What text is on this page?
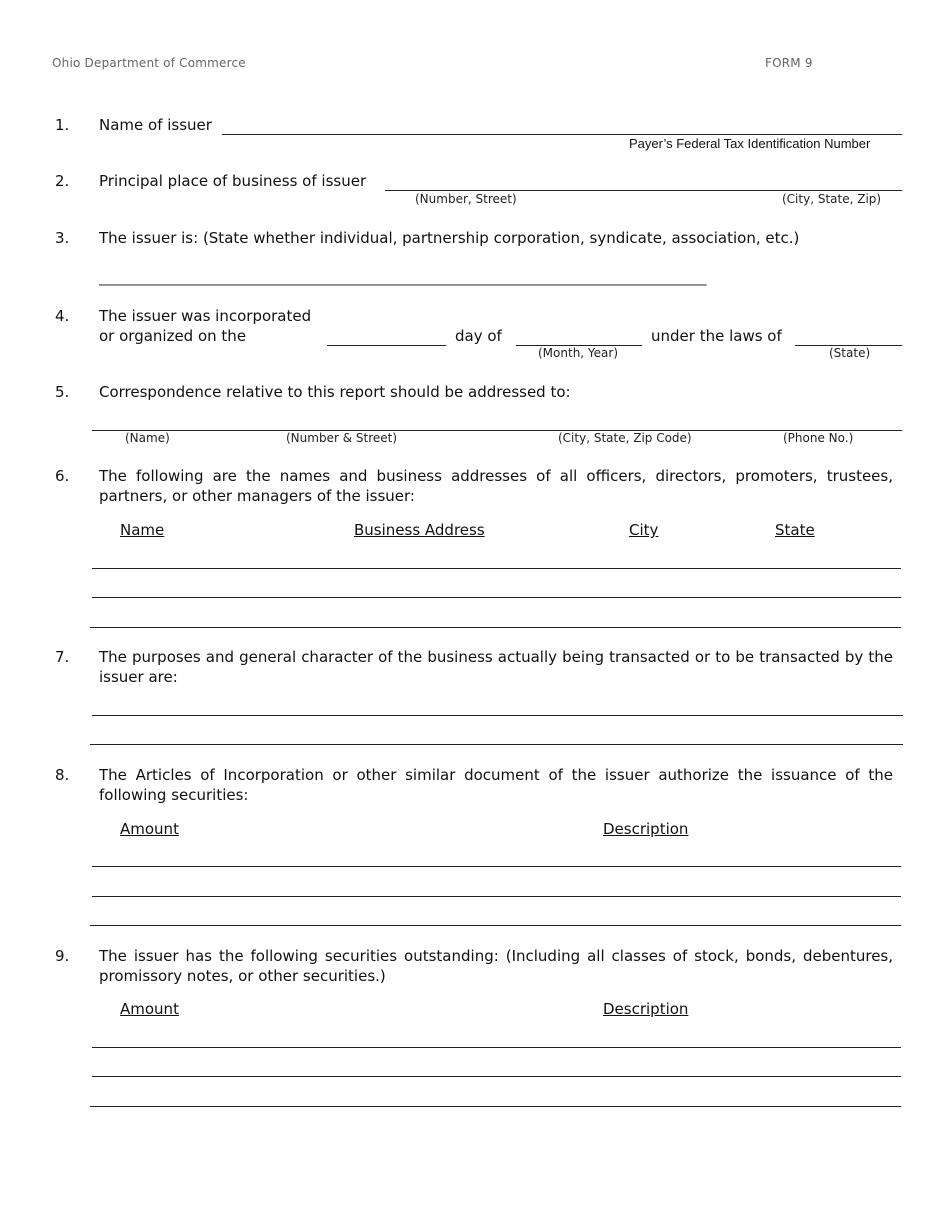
Ohio Department of Commerce	FORM 9
1. Name of issuer
Payer’s Federal Tax Identification Number
2. Principal place of business of issuer
(Number, Street)	(City, State, Zip)
3. The issuer is: (State whether individual, partnership corporation, syndicate, association, etc.)
_________________________________________________________________________________
4. The issuer was incorporated
or organized on the	day of
(Month, Year)
under the laws of
(State)
5. Correspondence relative to this report should be addressed to:
(Name)	(Number & Street)	(City, State, Zip Code)	(Phone No.)
6. The following are the names and business addresses of all officers, directors, promoters, trustees, partners, or other managers of the issuer:
Name	Business Address	City	State
7. The purposes and general character of the business actually being transacted or to be transacted by the issuer are:
8. The Articles of Incorporation or other similar document of the issuer authorize the issuance of the following securities:
Amount	Description
9. The issuer has the following securities outstanding: (Including all classes of stock, bonds, debentures, promissory notes, or other securities.)
Amount	Description
